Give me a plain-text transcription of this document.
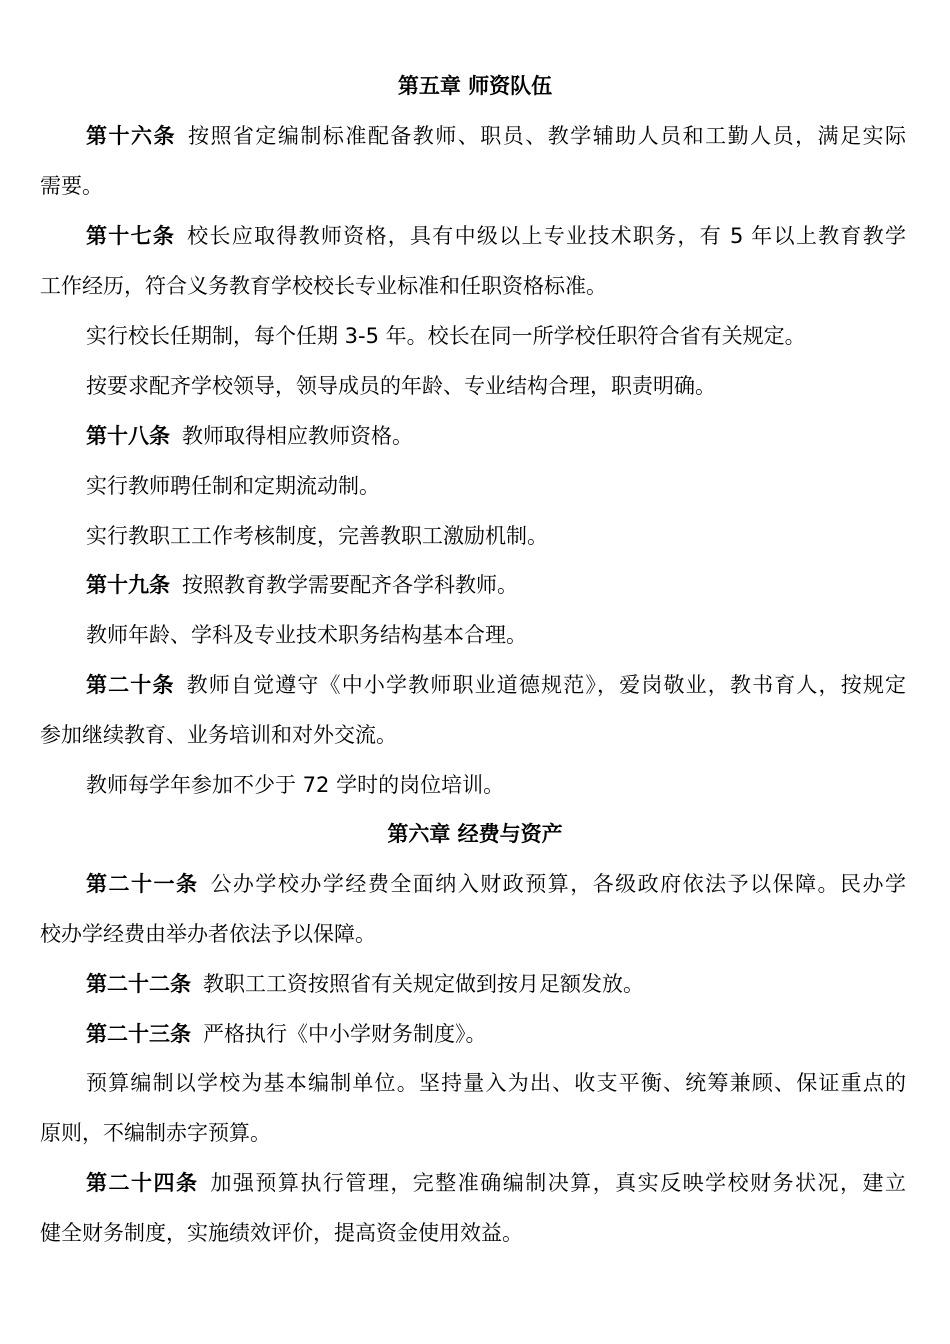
第五章 师资队伍

第十六条 按照省定编制标准配备教师、职员、教学辅助人员和工勤人员，满足实际

需要。

第十七条 校长应取得教师资格，具有中级以上专业技术职务，有 5 年以上教育教学

工作经历，符合义务教育学校校长专业标准和任职资格标准。

实行校长任期制，每个任期 3-5 年。校长在同一所学校任职符合省有关规定。

按要求配齐学校领导，领导成员的年龄、专业结构合理，职责明确。

第十八条 教师取得相应教师资格。

实行教师聘任制和定期流动制。

实行教职工工作考核制度，完善教职工激励机制。

第十九条 按照教育教学需要配齐各学科教师。

教师年龄、学科及专业技术职务结构基本合理。

第二十条 教师自觉遵守《中小学教师职业道德规范》，爱岗敬业，教书育人，按规定

参加继续教育、业务培训和对外交流。

教师每学年参加不少于 72 学时的岗位培训。

第六章 经费与资产

第二十一条 公办学校办学经费全面纳入财政预算，各级政府依法予以保障。民办学

校办学经费由举办者依法予以保障。

第二十二条 教职工工资按照省有关规定做到按月足额发放。

第二十三条 严格执行《中小学财务制度》。

预算编制以学校为基本编制单位。坚持量入为出、收支平衡、统筹兼顾、保证重点的

原则，不编制赤字预算。

第二十四条 加强预算执行管理，完整准确编制决算，真实反映学校财务状况，建立

健全财务制度，实施绩效评价，提高资金使用效益。
